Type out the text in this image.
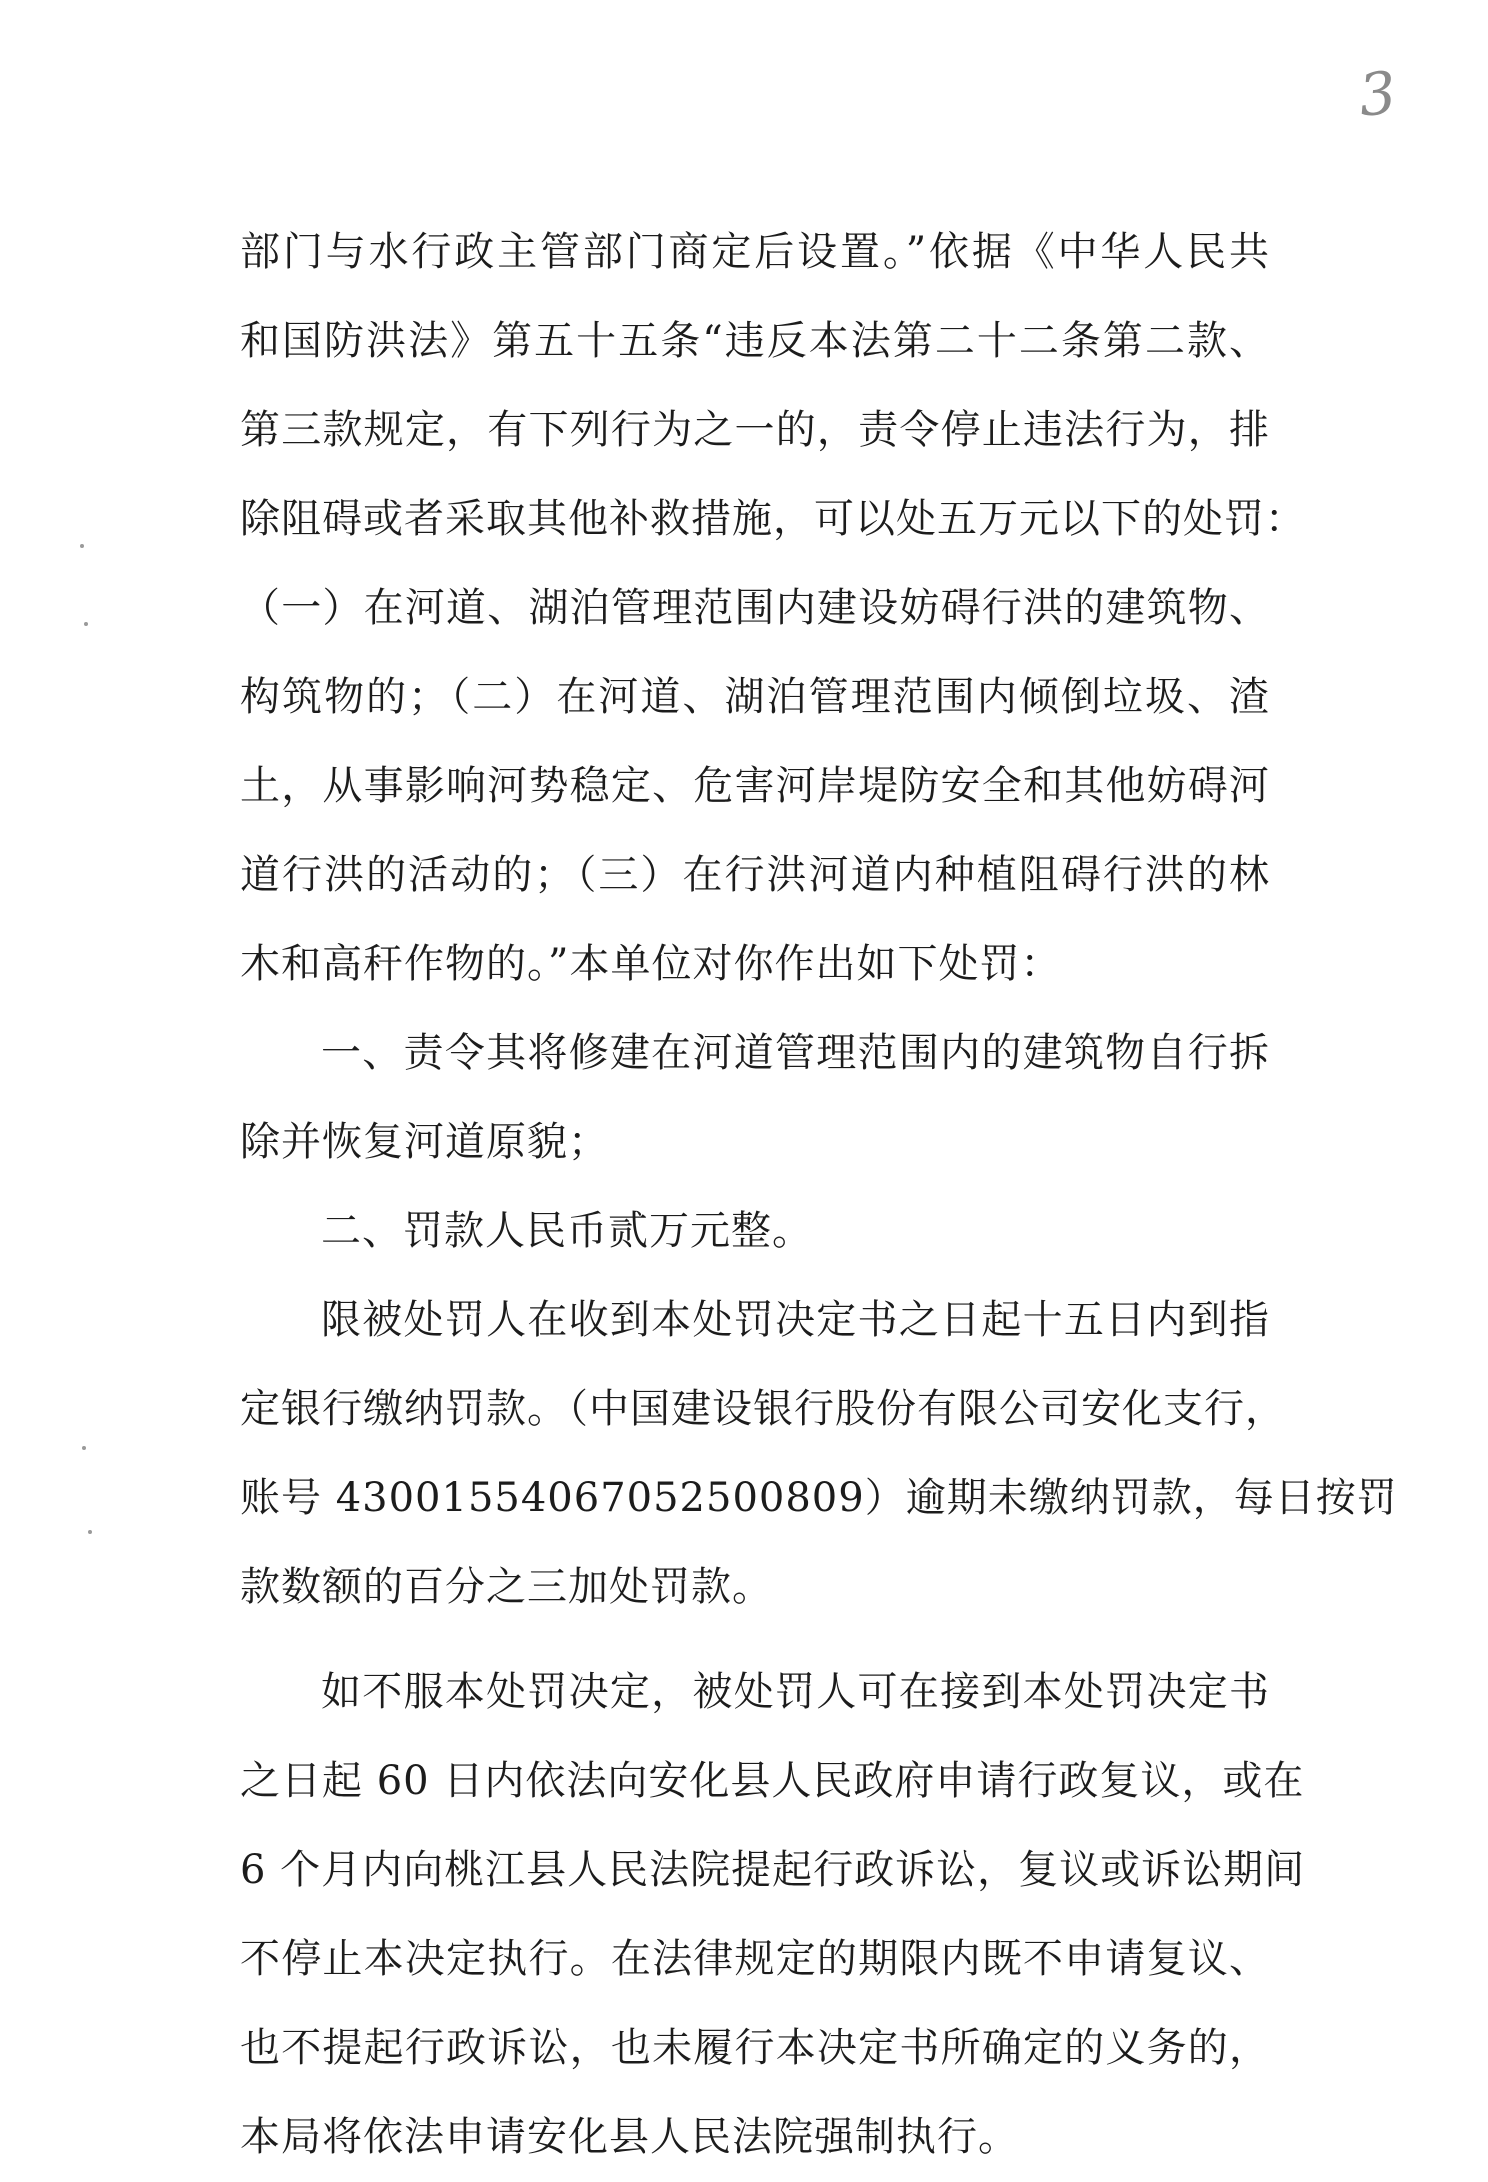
3
部门与水行政主管部门商定后设置。”依据《中华人民共
和国防洪法》第五十五条“违反本法第二十二条第二款、
第三款规定，有下列行为之一的，责令停止违法行为，排
除阻碍或者采取其他补救措施，可以处五万元以下的处罚：
（一）在河道、湖泊管理范围内建设妨碍行洪的建筑物、
构筑物的；（二）在河道、湖泊管理范围内倾倒垃圾、渣
土，从事影响河势稳定、危害河岸堤防安全和其他妨碍河
道行洪的活动的；（三）在行洪河道内种植阻碍行洪的林
木和高秆作物的。”本单位对你作出如下处罚：
一、责令其将修建在河道管理范围内的建筑物自行拆
除并恢复河道原貌；
二、罚款人民币贰万元整。
限被处罚人在收到本处罚决定书之日起十五日内到指
定银行缴纳罚款。（中国建设银行股份有限公司安化支行，
账号 43001554067052500809）逾期未缴纳罚款，每日按罚
款数额的百分之三加处罚款。
如不服本处罚决定，被处罚人可在接到本处罚决定书
之日起 60 日内依法向安化县人民政府申请行政复议，或在
6 个月内向桃江县人民法院提起行政诉讼，复议或诉讼期间
不停止本决定执行。在法律规定的期限内既不申请复议、
也不提起行政诉讼，也未履行本决定书所确定的义务的，
本局将依法申请安化县人民法院强制执行。
